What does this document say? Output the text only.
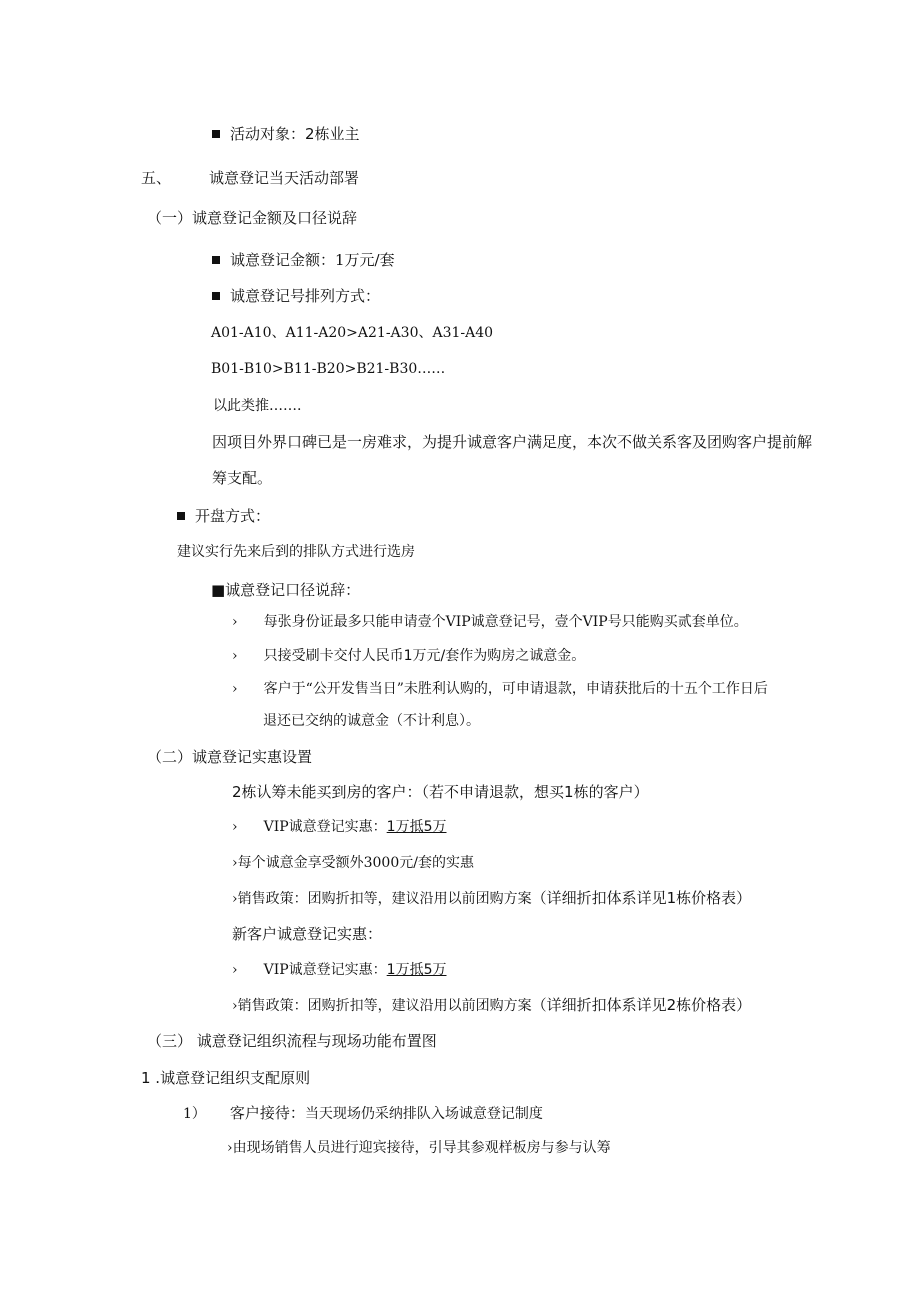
活动对象：2栋业主
五、	诚意登记当天活动部署
（一）诚意登记金额及口径说辞
诚意登记金额：1万元/套
诚意登记号排列方式：
A01-A10、A11-A20>A21-A30、A31-A40
B01-B10>B11-B20>B21-B30……
以此类推…….
因项目外界口碑已是一房难求，为提升诚意客户满足度，本次不做关系客及团购客户提前解
筹支配。
开盘方式：
建议实行先来后到的排队方式进行选房
■诚意登记口径说辞：
› 每张身份证最多只能申请壹个VIP诚意登记号，壹个VIP号只能购买贰套单位。
› 只接受刷卡交付人民币1万元/套作为购房之诚意金。
› 客户于“公开发售当日”未胜利认购的，可申请退款，申请获批后的十五个工作日后
退还已交纳的诚意金（不计利息）。
（二）诚意登记实惠设置
2栋认筹未能买到房的客户：（若不申请退款，想买1栋的客户）
› VIP诚意登记实惠：1万抵5万
›每个诚意金享受额外3000元/套的实惠
›销售政策：团购折扣等，建议沿用以前团购方案（详细折扣体系详见1栋价格表）
新客户诚意登记实惠：
› VIP诚意登记实惠：1万抵5万
›销售政策：团购折扣等，建议沿用以前团购方案（详细折扣体系详见2栋价格表）
（三） 诚意登记组织流程与现场功能布置图
1 .诚意登记组织支配原则
1） 客户接待：当天现场仍采纳排队入场诚意登记制度
›由现场销售人员进行迎宾接待，引导其参观样板房与参与认筹
